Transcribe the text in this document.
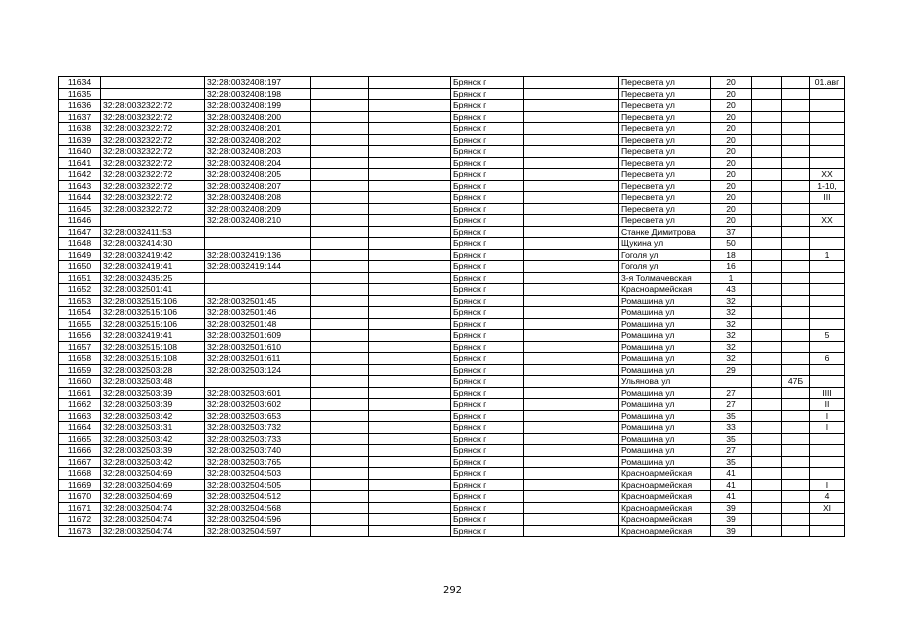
11634		32:28:0032408:197			Брянск г		Пересвета ул	20			01.авг
11635		32:28:0032408:198			Брянск г		Пересвета ул	20			
11636	32:28:0032322:72	32:28:0032408:199			Брянск г		Пересвета ул	20			
11637	32:28:0032322:72	32:28:0032408:200			Брянск г		Пересвета ул	20			
11638	32:28:0032322:72	32:28:0032408:201			Брянск г		Пересвета ул	20			
11639	32:28:0032322:72	32:28:0032408:202			Брянск г		Пересвета ул	20			
11640	32:28:0032322:72	32:28:0032408:203			Брянск г		Пересвета ул	20			
11641	32:28:0032322:72	32:28:0032408:204			Брянск г		Пересвета ул	20			
11642	32:28:0032322:72	32:28:0032408:205			Брянск г		Пересвета ул	20			XX
11643	32:28:0032322:72	32:28:0032408:207			Брянск г		Пересвета ул	20			1-10,
11644	32:28:0032322:72	32:28:0032408:208			Брянск г		Пересвета ул	20			III
11645	32:28:0032322:72	32:28:0032408:209			Брянск г		Пересвета ул	20			
11646		32:28:0032408:210			Брянск г		Пересвета ул	20			XX
11647	32:28:0032411:53				Брянск г		Станке Димитрова	37			
11648	32:28:0032414:30				Брянск г		Щукина ул	50			
11649	32:28:0032419:42	32:28:0032419:136			Брянск г		Гоголя ул	18			1
11650	32:28:0032419:41	32:28:0032419:144			Брянск г		Гоголя ул	16			
11651	32:28:0032435:25				Брянск г		3-я Толмачевская	1			
11652	32:28:0032501:41				Брянск г		Красноармейская	43			
11653	32:28:0032515:106	32:28:0032501:45			Брянск г		Ромашина ул	32			
11654	32:28:0032515:106	32:28:0032501:46			Брянск г		Ромашина ул	32			
11655	32:28:0032515:106	32:28:0032501:48			Брянск г		Ромашина ул	32			
11656	32:28:0032419:41	32:28:0032501:609			Брянск г		Ромашина ул	32			5
11657	32:28:0032515:108	32:28:0032501:610			Брянск г		Ромашина ул	32			
11658	32:28:0032515:108	32:28:0032501:611			Брянск г		Ромашина ул	32			6
11659	32:28:0032503:28	32:28:0032503:124			Брянск г		Ромашина ул	29			
11660	32:28:0032503:48				Брянск г		Ульянова ул			47Б	
11661	32:28:0032503:39	32:28:0032503:601			Брянск г		Ромашина ул	27			IIII
11662	32:28:0032503:39	32:28:0032503:602			Брянск г		Ромашина ул	27			II
11663	32:28:0032503:42	32:28:0032503:653			Брянск г		Ромашина ул	35			I
11664	32:28:0032503:31	32:28:0032503:732			Брянск г		Ромашина ул	33			I
11665	32:28:0032503:42	32:28:0032503:733			Брянск г		Ромашина ул	35			
11666	32:28:0032503:39	32:28:0032503:740			Брянск г		Ромашина ул	27			
11667	32:28:0032503:42	32:28:0032503:765			Брянск г		Ромашина ул	35			
11668	32:28:0032504:69	32:28:0032504:503			Брянск г		Красноармейская	41			
11669	32:28:0032504:69	32:28:0032504:505			Брянск г		Красноармейская	41			I
11670	32:28:0032504:69	32:28:0032504:512			Брянск г		Красноармейская	41			4
11671	32:28:0032504:74	32:28:0032504:568			Брянск г		Красноармейская	39			XI
11672	32:28:0032504:74	32:28:0032504:596			Брянск г		Красноармейская	39			
11673	32:28:0032504:74	32:28:0032504:597			Брянск г		Красноармейская	39			
292
